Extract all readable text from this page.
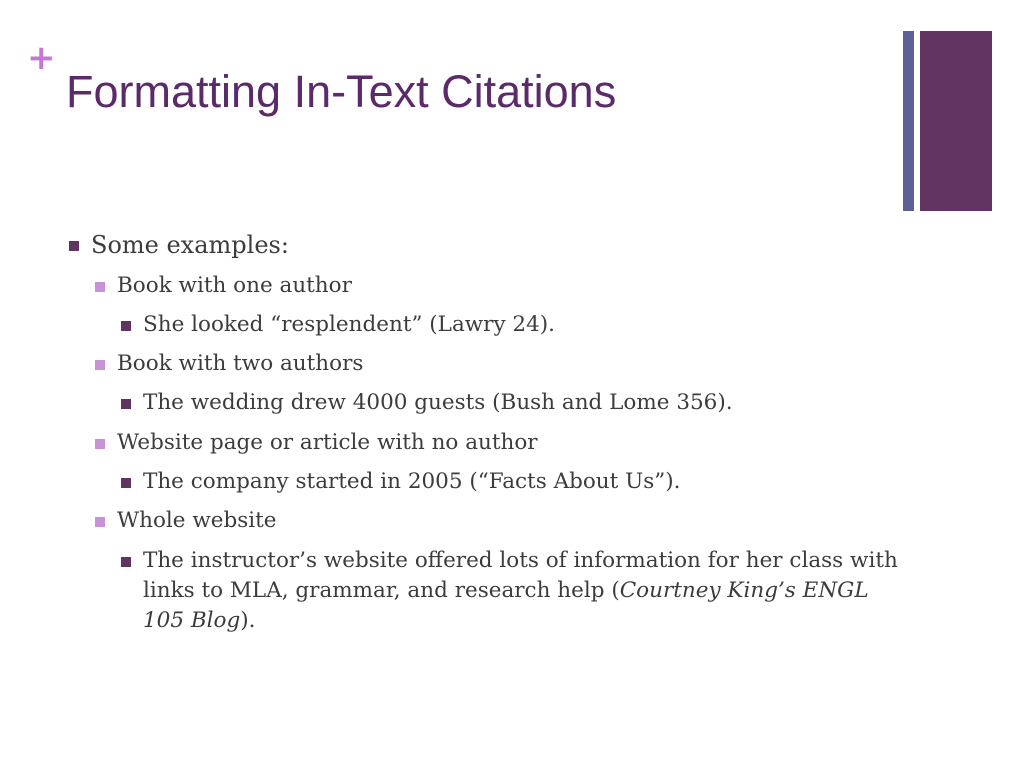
+
Formatting In-Text Citations
Some examples:
Book with one author
She looked “resplendent” (Lawry 24).
Book with two authors
The wedding drew 4000 guests (Bush and Lome 356).
Website page or article with no author
The company started in 2005 (“Facts About Us”).
Whole website
The instructor’s website offered lots of information for her class with links to MLA, grammar, and research help (Courtney King’s ENGL 105 Blog).
